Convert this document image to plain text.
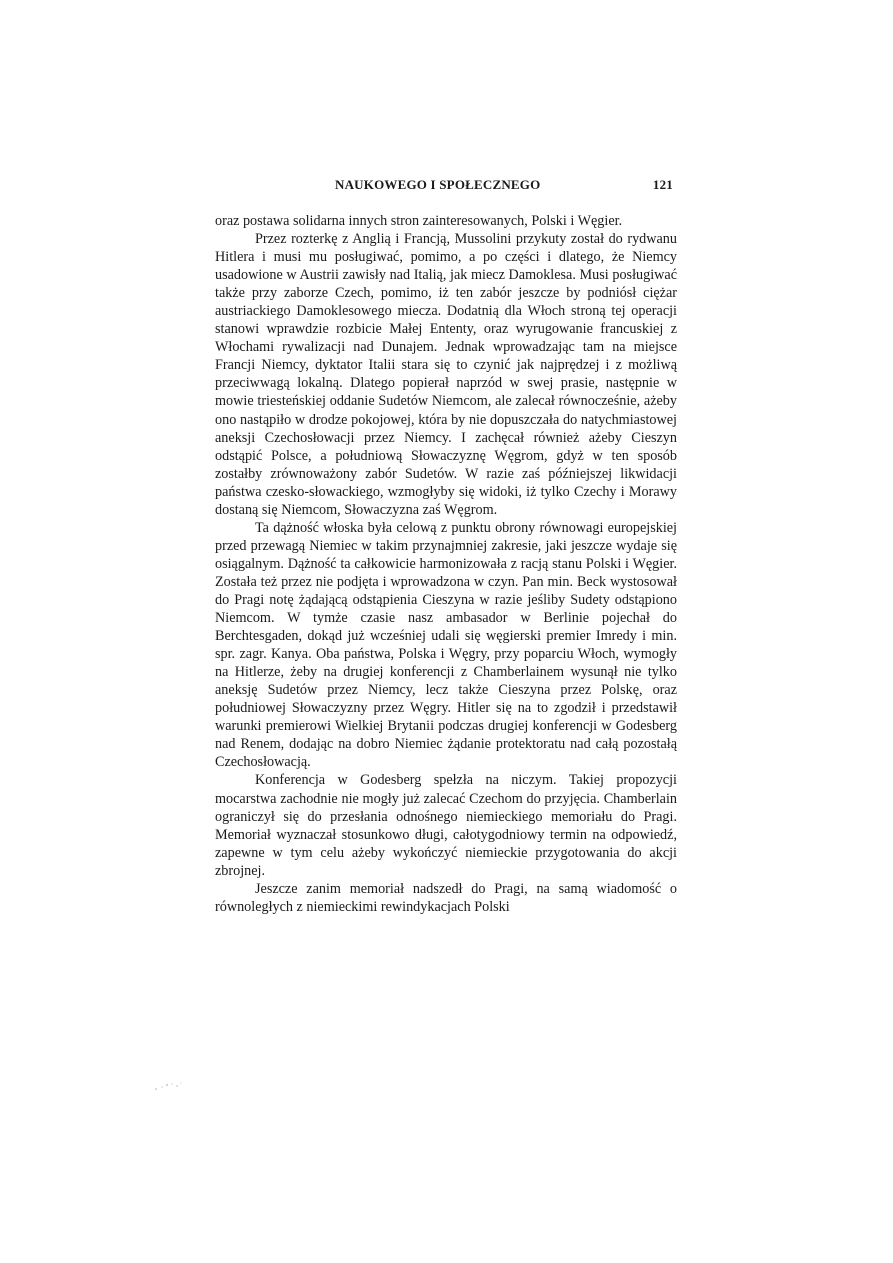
NAUKOWEGO I SPOŁECZNEGO	121

oraz postawa solidarna innych stron zainteresowanych, Polski i Węgier.

Przez rozterkę z Anglią i Francją, Mussolini przykuty został do rydwanu Hitlera i musi mu posługiwać, pomimo, a po części i dlatego, że Niemcy usadowione w Austrii zawisły nad Italią, jak miecz Damoklesa. Musi posługiwać także przy zaborze Czech, pomimo, iż ten zabór jeszcze by podniósł ciężar austriackiego Damoklesowego miecza. Dodatnią dla Włoch stroną tej operacji stanowi wprawdzie rozbicie Małej Ententy, oraz wyrugowanie francuskiej z Włochami rywalizacji nad Dunajem. Jednak wprowadzając tam na miejsce Francji Niemcy, dyktator Italii stara się to czynić jak najprędzej i z możliwą przeciwwagą lokalną. Dlatego popierał naprzód w swej prasie, następnie w mowie triesteńskiej oddanie Sudetów Niemcom, ale zalecał równocześnie, ażeby ono nastąpiło w drodze pokojowej, która by nie dopuszczała do natychmiastowej aneksji Czechosłowacji przez Niemcy. I zachęcał również ażeby Cieszyn odstąpić Polsce, a południową Słowaczyznę Węgrom, gdyż w ten sposób zostałby zrównoważony zabór Sudetów. W razie zaś późniejszej likwidacji państwa czesko-słowackiego, wzmogłyby się widoki, iż tylko Czechy i Morawy dostaną się Niemcom, Słowaczyzna zaś Węgrom.

Ta dążność włoska była celową z punktu obrony równowagi europejskiej przed przewagą Niemiec w takim przynajmniej zakresie, jaki jeszcze wydaje się osiągalnym. Dążność ta całkowicie harmonizowała z racją stanu Polski i Węgier. Została też przez nie podjęta i wprowadzona w czyn. Pan min. Beck wystosował do Pragi notę żądającą odstąpienia Cieszyna w razie jeśliby Sudety odstąpiono Niemcom. W tymże czasie nasz ambasador w Berlinie pojechał do Berchtesgaden, dokąd już wcześniej udali się węgierski premier Imredy i min. spr. zagr. Kanya. Oba państwa, Polska i Węgry, przy poparciu Włoch, wymogły na Hitlerze, żeby na drugiej konferencji z Chamberlainem wysunął nie tylko aneksję Sudetów przez Niemcy, lecz także Cieszyna przez Polskę, oraz południowej Słowaczyzny przez Węgry. Hitler się na to zgodził i przedstawił warunki premierowi Wielkiej Brytanii podczas drugiej konferencji w Godesberg nad Renem, dodając na dobro Niemiec żądanie protektoratu nad całą pozostałą Czechosłowacją.

Konferencja w Godesberg spełzła na niczym. Takiej propozycji mocarstwa zachodnie nie mogły już zalecać Czechom do przyjęcia. Chamberlain ograniczył się do przesłania odnośnego niemieckiego memoriału do Pragi. Memoriał wyznaczał stosunkowo długi, całotygodniowy termin na odpowiedź, zapewne w tym celu ażeby wykończyć niemieckie przygotowania do akcji zbrojnej.

Jeszcze zanim memoriał nadszedł do Pragi, na samą wiadomość o równoległych z niemieckimi rewindykacjach Polski
